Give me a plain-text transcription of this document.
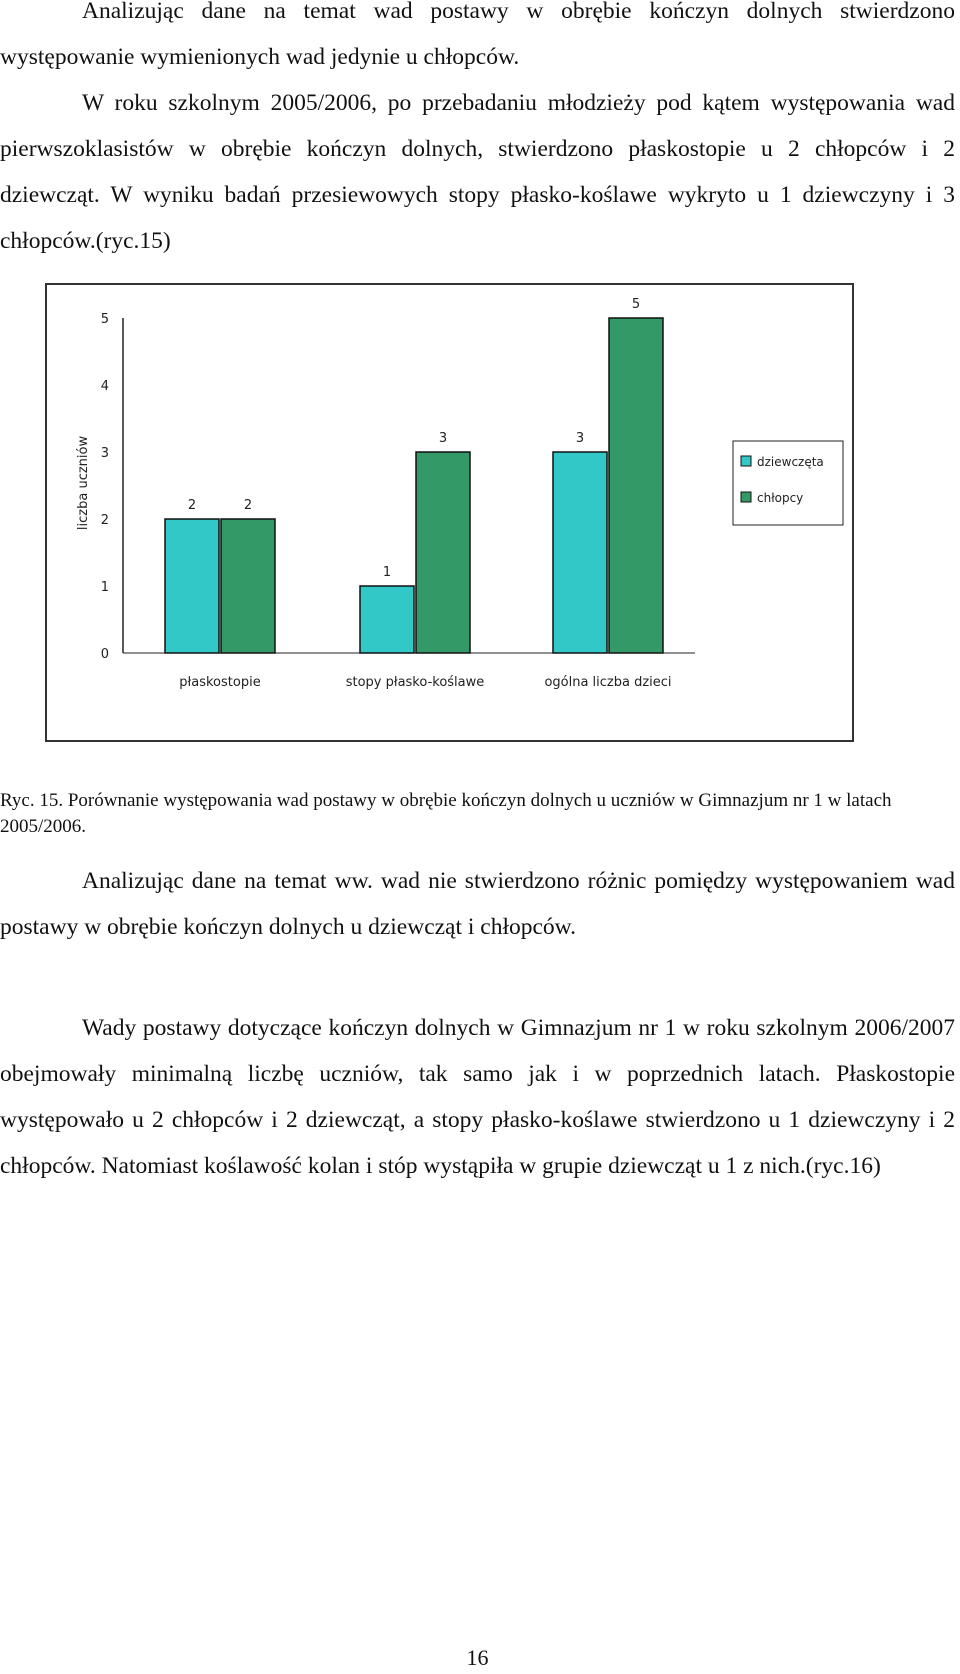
Analizując dane na temat wad postawy w obrębie kończyn dolnych stwierdzono występowanie wymienionych wad jedynie u chłopców.

W roku szkolnym 2005/2006, po przebadaniu młodzieży pod kątem występowania wad pierwszoklasistów w obrębie kończyn dolnych, stwierdzono płaskostopie u 2 chłopców i 2 dziewcząt. W wyniku badań przesiewowych stopy płasko-koślawe wykryto u 1 dziewczyny i 3 chłopców.(ryc.15)

liczba uczniów
0
1
2
3
4
5
2	2
płaskostopie
1
3
stopy płasko-koślawe
3
5
ogólna liczba dzieci
dziewczęta
chłopcy

Ryc. 15. Porównanie występowania wad postawy w obrębie kończyn dolnych u uczniów w Gimnazjum nr 1 w latach 2005/2006.

Analizując dane na temat ww. wad nie stwierdzono różnic pomiędzy występowaniem wad postawy w obrębie kończyn dolnych u dziewcząt i chłopców.

Wady postawy dotyczące kończyn dolnych w Gimnazjum nr 1 w roku szkolnym 2006/2007 obejmowały minimalną liczbę uczniów, tak samo jak i w poprzednich latach. Płaskostopie występowało u 2 chłopców i 2 dziewcząt, a stopy płasko-koślawe stwierdzono u 1 dziewczyny i 2 chłopców. Natomiast koślawość kolan i stóp wystąpiła w grupie dziewcząt u 1 z nich.(ryc.16)

16
